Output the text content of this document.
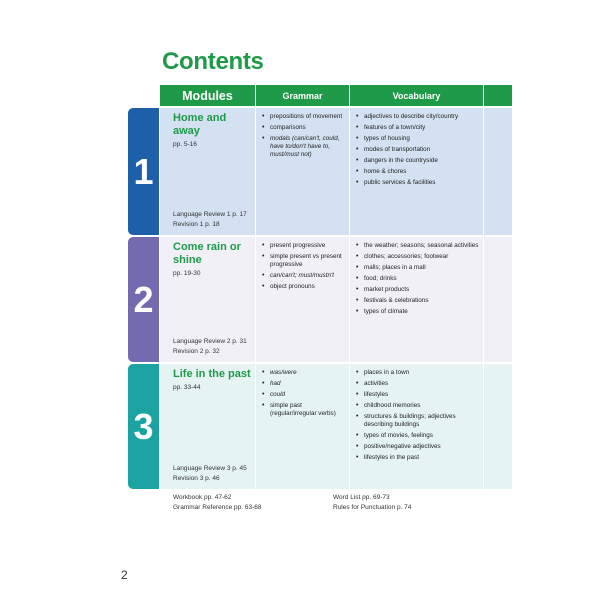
Contents
Modules	Grammar	Vocabulary
1
Home and
away
pp. 5-16
Language Review 1 p. 17
Revision 1 p. 18
• prepositions of movement
• comparisons
• modals (can/can't, could, have to/don't have to, must/must not)
• adjectives to describe city/country
• features of a town/city
• types of housing
• modes of transportation
• dangers in the countryside
• home & chores
• public services & facilities
2
Come rain or
shine
pp. 19-30
Language Review 2 p. 31
Revision 2 p. 32
• present progressive
• simple present vs present progressive
• can/can't; must/mustn't
• object pronouns
• the weather; seasons; seasonal activities
• clothes; accessories; footwear
• malls; places in a mall
• food; drinks
• market products
• festivals & celebrations
• types of climate
3
Life in the past
pp. 33-44
Language Review 3 p. 45
Revision 3 p. 46
• was/were
• had
• could
• simple past (regular/irregular verbs)
• places in a town
• activities
• lifestyles
• childhood memories
• structures & buildings; adjectives describing buildings
• types of movies, feelings
• positive/negative adjectives
• lifestyles in the past
Workbook pp. 47-62
Grammar Reference pp. 63-68
Word List pp. 69-73
Rules for Punctuation p. 74
2
